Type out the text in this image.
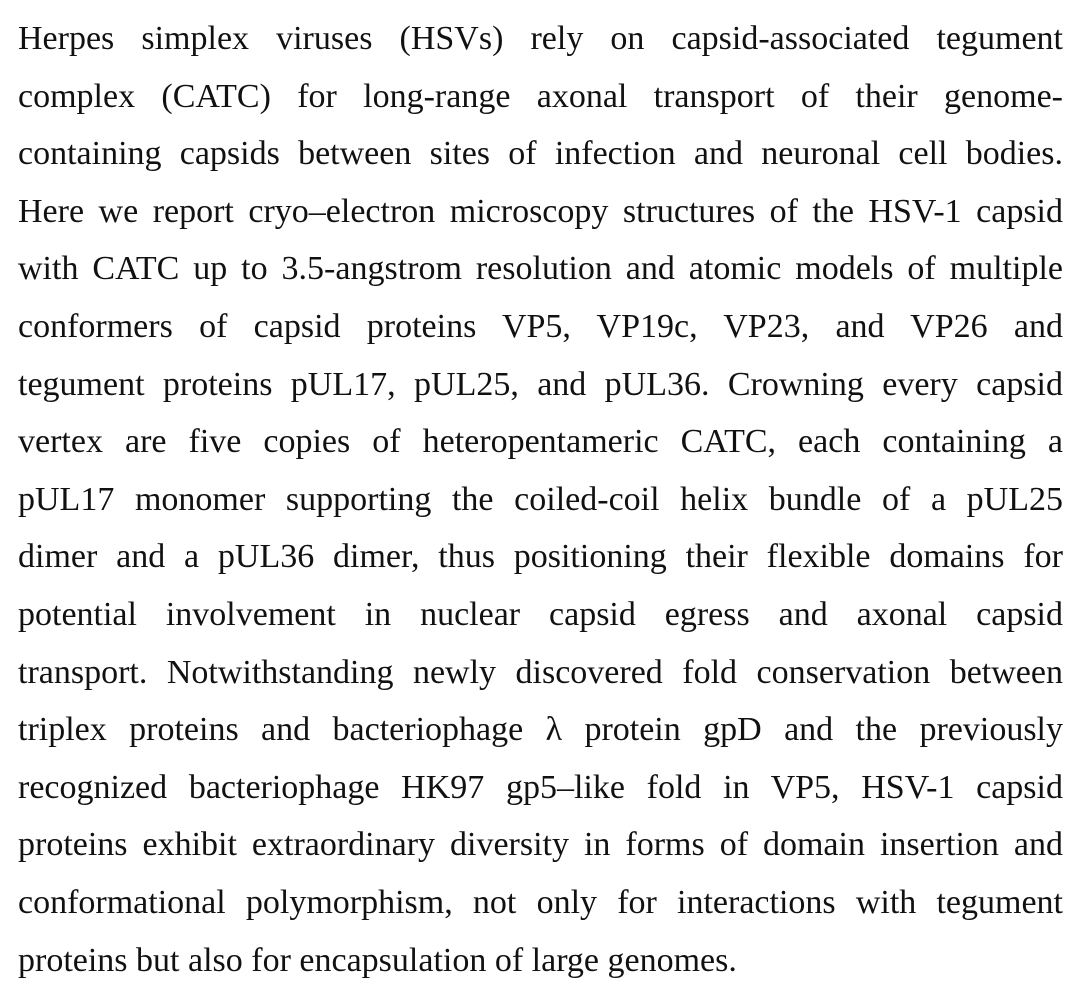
Herpes simplex viruses (HSVs) rely on capsid-associated tegument
complex (CATC) for long-range axonal transport of their genome-
containing capsids between sites of infection and neuronal cell bodies.
Here we report cryo–electron microscopy structures of the HSV-1 capsid
with CATC up to 3.5-angstrom resolution and atomic models of multiple
conformers of capsid proteins VP5, VP19c, VP23, and VP26 and
tegument proteins pUL17, pUL25, and pUL36. Crowning every capsid
vertex are five copies of heteropentameric CATC, each containing a
pUL17 monomer supporting the coiled-coil helix bundle of a pUL25
dimer and a pUL36 dimer, thus positioning their flexible domains for
potential involvement in nuclear capsid egress and axonal capsid
transport. Notwithstanding newly discovered fold conservation between
triplex proteins and bacteriophage λ protein gpD and the previously
recognized bacteriophage HK97 gp5–like fold in VP5, HSV-1 capsid
proteins exhibit extraordinary diversity in forms of domain insertion and
conformational polymorphism, not only for interactions with tegument
proteins but also for encapsulation of large genomes.
